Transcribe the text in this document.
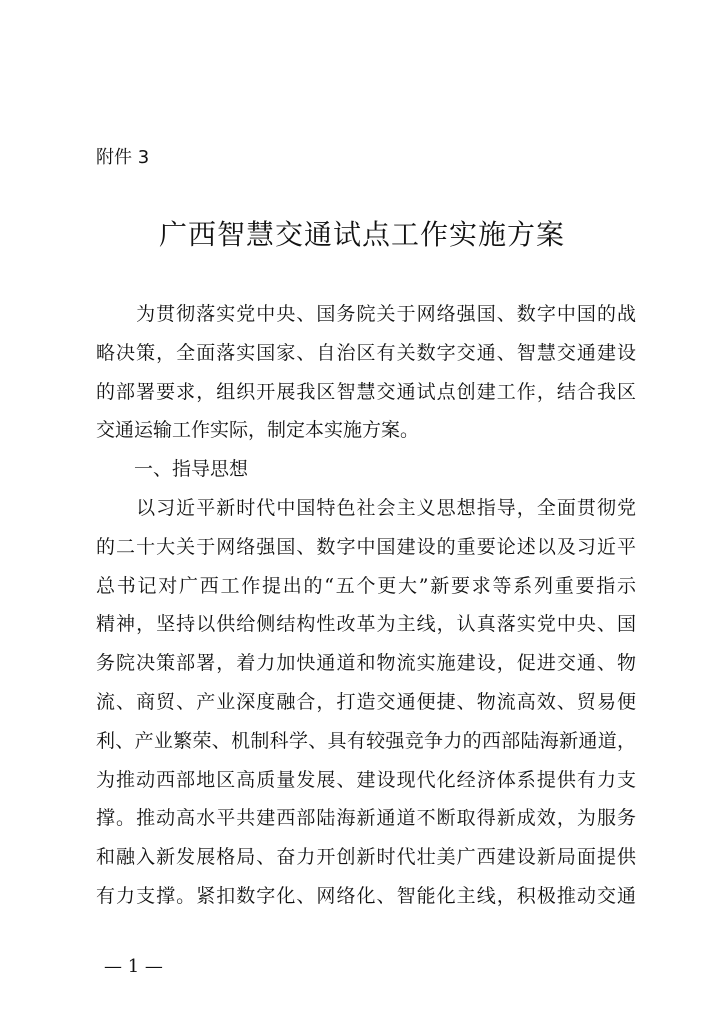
附件 3
广西智慧交通试点工作实施方案
　　为贯彻落实党中央、国务院关于网络强国、数字中国的战
略决策，全面落实国家、自治区有关数字交通、智慧交通建设
的部署要求，组织开展我区智慧交通试点创建工作，结合我区
交通运输工作实际，制定本实施方案。
　　一、指导思想
　　以习近平新时代中国特色社会主义思想指导，全面贯彻党
的二十大关于网络强国、数字中国建设的重要论述以及习近平
总书记对广西工作提出的“五个更大”新要求等系列重要指示
精神，坚持以供给侧结构性改革为主线，认真落实党中央、国
务院决策部署，着力加快通道和物流实施建设，促进交通、物
流、商贸、产业深度融合，打造交通便捷、物流高效、贸易便
利、产业繁荣、机制科学、具有较强竞争力的西部陆海新通道，
为推动西部地区高质量发展、建设现代化经济体系提供有力支
撑。推动高水平共建西部陆海新通道不断取得新成效，为服务
和融入新发展格局、奋力开创新时代壮美广西建设新局面提供
有力支撑。紧扣数字化、网络化、智能化主线，积极推动交通
— 1 —
